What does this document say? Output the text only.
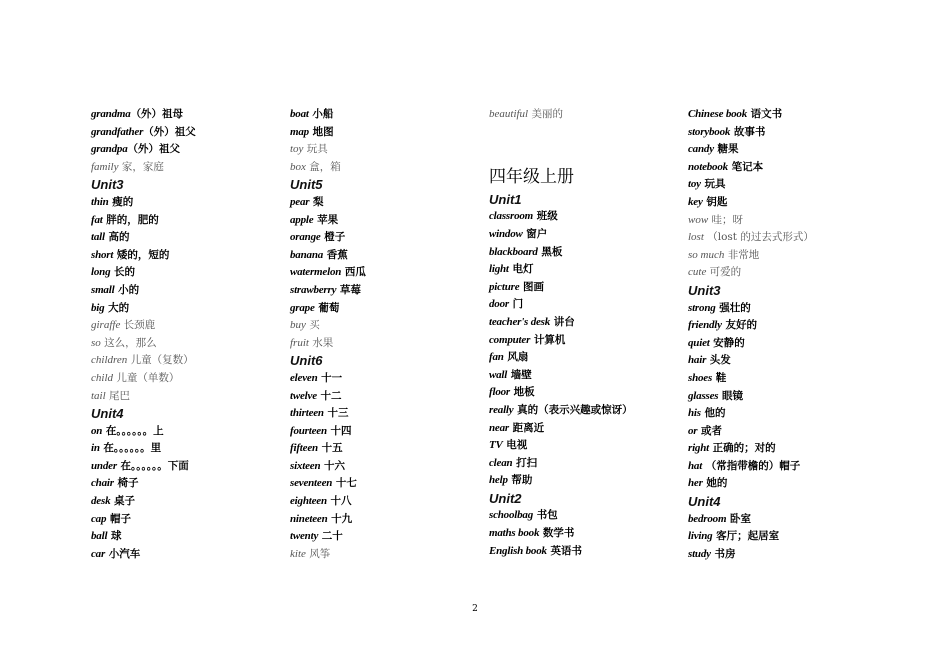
grandma（外）祖母
grandfather（外）祖父
grandpa（外）祖父
family 家，家庭
Unit3
thin 瘦的
fat 胖的，肥的
tall 高的
short 矮的，短的
long 长的
small 小的
big 大的
giraffe 长颈鹿
so 这么，那么
children 儿童（复数）
child 儿童（单数）
tail 尾巴
Unit4
on 在。。。。。。上
in 在。。。。。。里
under 在。。。。。。下面
chair 椅子
desk 桌子
cap 帽子
ball 球
car 小汽车
boat 小船
map 地图
toy 玩具
box 盒，箱
Unit5
pear 梨
apple 苹果
orange 橙子
banana 香蕉
watermelon 西瓜
strawberry 草莓
grape 葡萄
buy 买
fruit 水果
Unit6
eleven 十一
twelve 十二
thirteen 十三
fourteen 十四
fifteen 十五
sixteen 十六
seventeen 十七
eighteen 十八
nineteen 十九
twenty 二十
kite 风筝
beautiful 美丽的
四年级上册
Unit1
classroom 班级
window 窗户
blackboard 黑板
light 电灯
picture 图画
door 门
teacher's desk 讲台
computer 计算机
fan 风扇
wall 墙壁
floor 地板
really 真的（表示兴趣或惊讶）
near 距离近
TV 电视
clean 打扫
help 帮助
Unit2
schoolbag 书包
maths book 数学书
English book 英语书
Chinese book 语文书
storybook 故事书
candy 糖果
notebook 笔记本
toy 玩具
key 钥匙
wow 哇；呀
lost （lost 的过去式形式）
so much 非常地
cute 可爱的
Unit3
strong 强壮的
friendly 友好的
quiet 安静的
hair 头发
shoes 鞋
glasses 眼镜
his 他的
or 或者
right 正确的；对的
hat （常指带檐的）帽子
her 她的
Unit4
bedroom 卧室
living 客厅；起居室
study 书房
2
